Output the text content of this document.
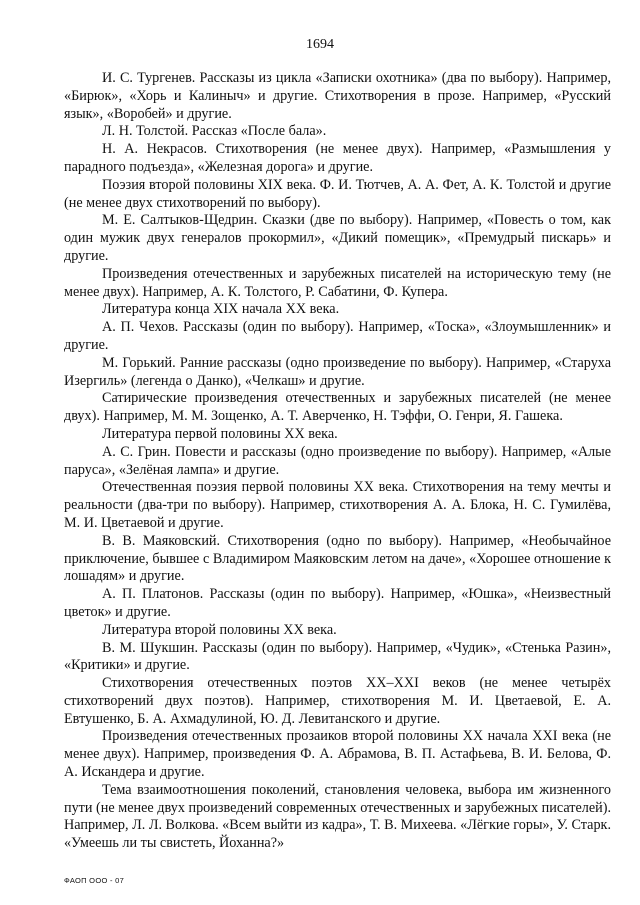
1694

И. С. Тургенев. Рассказы из цикла «Записки охотника» (два по выбору). Например, «Бирюк», «Хорь и Калиныч» и другие. Стихотворения в прозе. Например, «Русский язык», «Воробей» и другие.

Л. Н. Толстой. Рассказ «После бала».

Н. А. Некрасов. Стихотворения (не менее двух). Например, «Размышления у парадного подъезда», «Железная дорога» и другие.

Поэзия второй половины XIX века. Ф. И. Тютчев, А. А. Фет, А. К. Толстой и другие (не менее двух стихотворений по выбору).

М. Е. Салтыков-Щедрин. Сказки (две по выбору). Например, «Повесть о том, как один мужик двух генералов прокормил», «Дикий помещик», «Премудрый пискарь» и другие.

Произведения отечественных и зарубежных писателей на историческую тему (не менее двух). Например, А. К. Толстого, Р. Сабатини, Ф. Купера.

Литература конца XIX начала XX века.

А. П. Чехов. Рассказы (один по выбору). Например, «Тоска», «Злоумышленник» и другие.

М. Горький. Ранние рассказы (одно произведение по выбору). Например, «Старуха Изергиль» (легенда о Данко), «Челкаш» и другие.

Сатирические произведения отечественных и зарубежных писателей (не менее двух). Например, М. М. Зощенко, А. Т. Аверченко, Н. Тэффи, О. Генри, Я. Гашека.

Литература первой половины XX века.

А. С. Грин. Повести и рассказы (одно произведение по выбору). Например, «Алые паруса», «Зелёная лампа» и другие.

Отечественная поэзия первой половины XX века. Стихотворения на тему мечты и реальности (два-три по выбору). Например, стихотворения А. А. Блока, Н. С. Гумилёва, М. И. Цветаевой и другие.

В. В. Маяковский. Стихотворения (одно по выбору). Например, «Необычайное приключение, бывшее с Владимиром Маяковским летом на даче», «Хорошее отношение к лошадям» и другие.

А. П. Платонов. Рассказы (один по выбору). Например, «Юшка», «Неизвестный цветок» и другие.

Литература второй половины XX века.

В. М. Шукшин. Рассказы (один по выбору). Например, «Чудик», «Стенька Разин», «Критики» и другие.

Стихотворения отечественных поэтов XX–XXI веков (не менее четырёх стихотворений двух поэтов). Например, стихотворения М. И. Цветаевой, Е. А. Евтушенко, Б. А. Ахмадулиной, Ю. Д. Левитанского и другие.

Произведения отечественных прозаиков второй половины XX начала XXI века (не менее двух). Например, произведения Ф. А. Абрамова, В. П. Астафьева, В. И. Белова, Ф. А. Искандера и другие.

Тема взаимоотношения поколений, становления человека, выбора им жизненного пути (не менее двух произведений современных отечественных и зарубежных писателей). Например, Л. Л. Волкова. «Всем выйти из кадра», Т. В. Михеева. «Лёгкие горы», У. Старк. «Умеешь ли ты свистеть, Йоханна?»

ФАОП ООО - 07
